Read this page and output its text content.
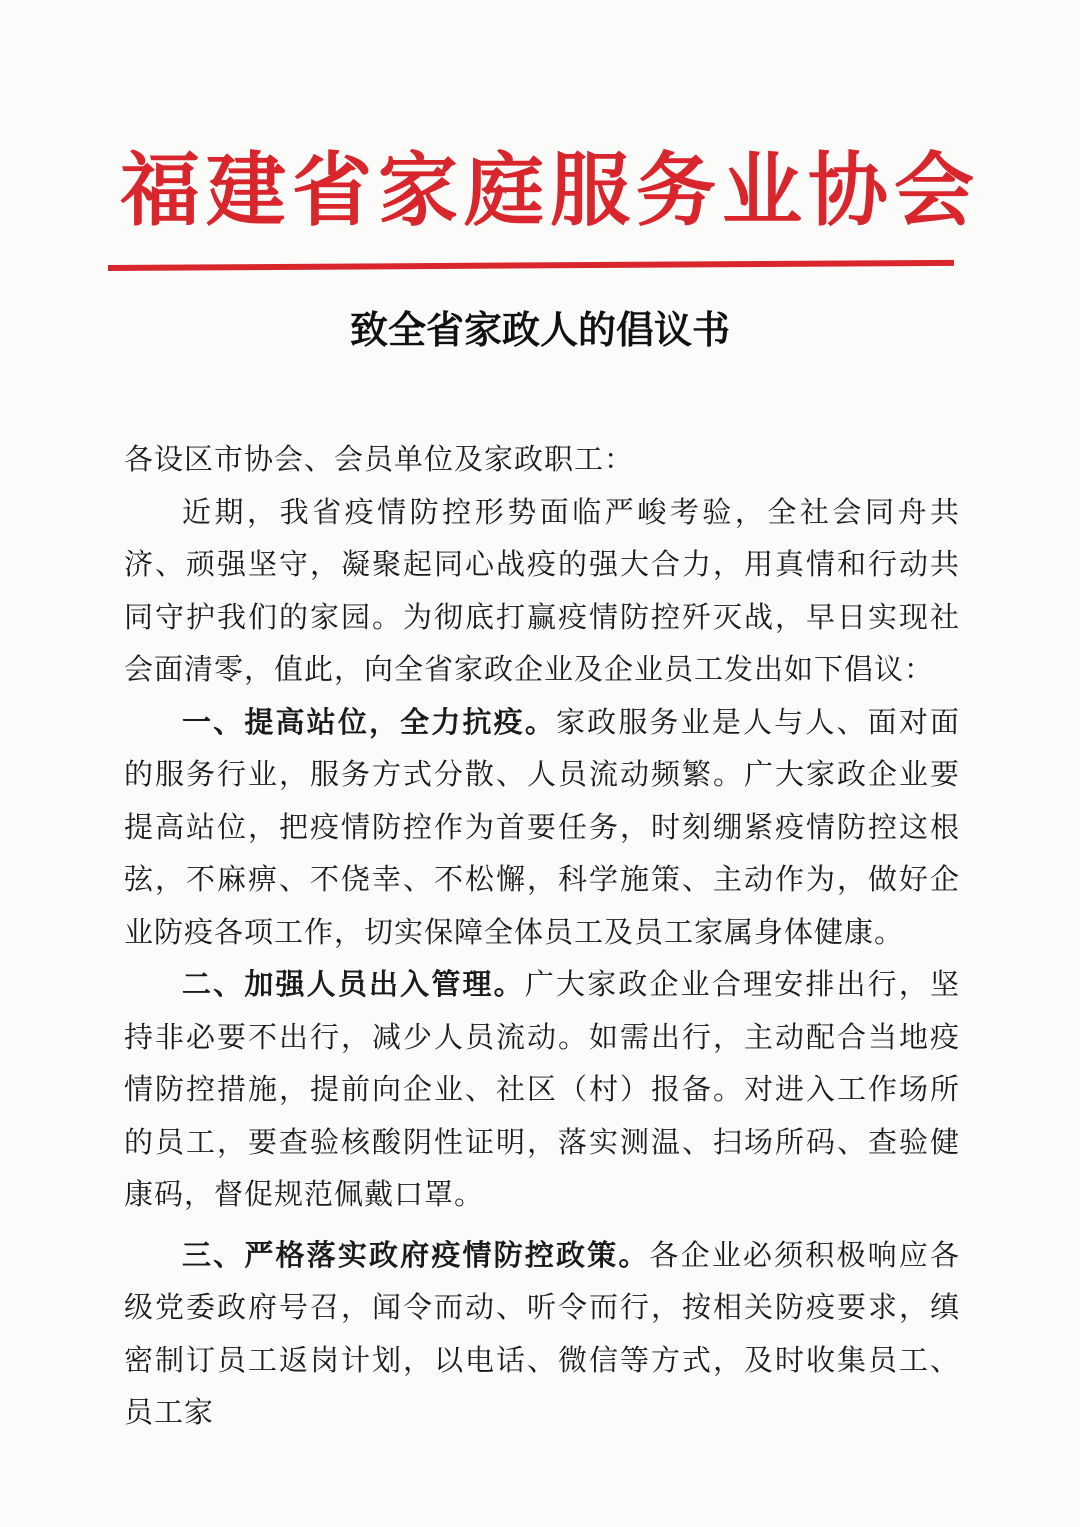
福建省家庭服务业协会
致全省家政人的倡议书

各设区市协会、会员单位及家政职工：

近期，我省疫情防控形势面临严峻考验，全社会同舟共济、顽强坚守，凝聚起同心战疫的强大合力，用真情和行动共同守护我们的家园。为彻底打赢疫情防控歼灭战，早日实现社会面清零，值此，向全省家政企业及企业员工发出如下倡议：

一、提高站位，全力抗疫。家政服务业是人与人、面对面的服务行业，服务方式分散、人员流动频繁。广大家政企业要提高站位，把疫情防控作为首要任务，时刻绷紧疫情防控这根弦，不麻痹、不侥幸、不松懈，科学施策、主动作为，做好企业防疫各项工作，切实保障全体员工及员工家属身体健康。

二、加强人员出入管理。广大家政企业合理安排出行，坚持非必要不出行，减少人员流动。如需出行，主动配合当地疫情防控措施，提前向企业、社区（村）报备。对进入工作场所的员工，要查验核酸阴性证明，落实测温、扫场所码、查验健康码，督促规范佩戴口罩。

三、严格落实政府疫情防控政策。各企业必须积极响应各级党委政府号召，闻令而动、听令而行，按相关防疫要求，缜密制订员工返岗计划，以电话、微信等方式，及时收集员工、员工家
